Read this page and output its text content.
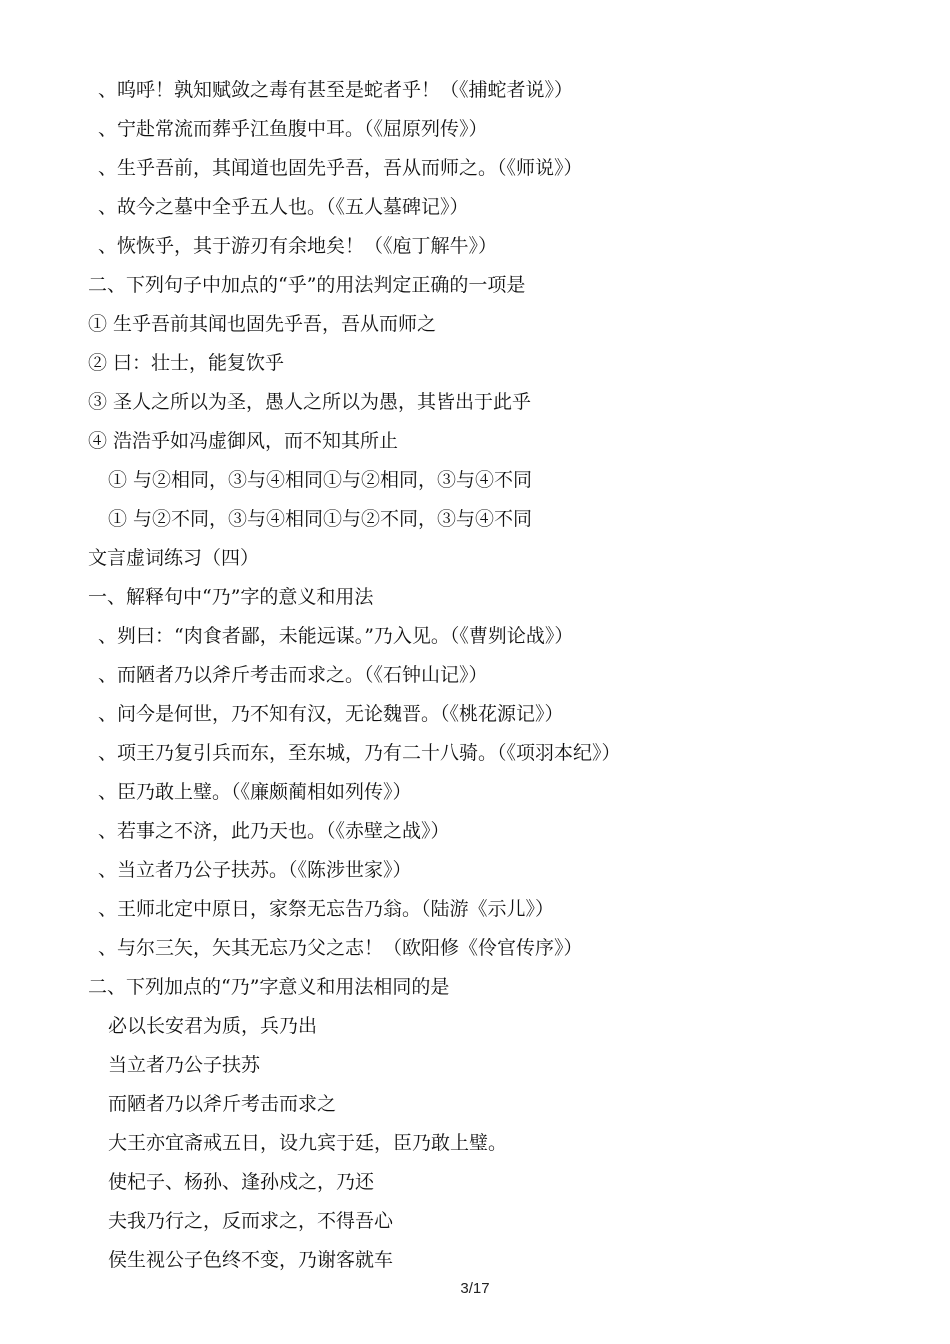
、呜呼！孰知赋敛之毒有甚至是蛇者乎！（《捕蛇者说》）
、宁赴常流而葬乎江鱼腹中耳。（《屈原列传》）
、生乎吾前，其闻道也固先乎吾，吾从而师之。（《师说》）
、故今之墓中全乎五人也。（《五人墓碑记》）
、恢恢乎，其于游刃有余地矣！（《庖丁解牛》）
二、下列句子中加点的“乎”的用法判定正确的一项是
① 生乎吾前其闻也固先乎吾，吾从而师之
② 曰：壮士，能复饮乎
③ 圣人之所以为圣，愚人之所以为愚，其皆出于此乎
④ 浩浩乎如冯虚御风，而不知其所止
① 与②相同，③与④相同①与②相同，③与④不同
① 与②不同，③与④相同①与②不同，③与④不同
文言虚词练习（四）
一、解释句中“乃”字的意义和用法
、刿曰：“肉食者鄙，未能远谋。”乃入见。（《曹刿论战》）
、而陋者乃以斧斤考击而求之。（《石钟山记》）
、问今是何世，乃不知有汉，无论魏晋。（《桃花源记》）
、项王乃复引兵而东，至东城，乃有二十八骑。（《项羽本纪》）
、臣乃敢上璧。（《廉颇蔺相如列传》）
、若事之不济，此乃天也。（《赤壁之战》）
、当立者乃公子扶苏。（《陈涉世家》）
、王师北定中原日，家祭无忘告乃翁。（陆游《示儿》）
、与尔三矢，矢其无忘乃父之志！（欧阳修《伶官传序》）
二、下列加点的“乃”字意义和用法相同的是
必以长安君为质，兵乃出
当立者乃公子扶苏
而陋者乃以斧斤考击而求之
大王亦宜斋戒五日，设九宾于廷，臣乃敢上璧。
使杞子、杨孙、逢孙戍之，乃还
夫我乃行之，反而求之，不得吾心
侯生视公子色终不变，乃谢客就车
3/17
